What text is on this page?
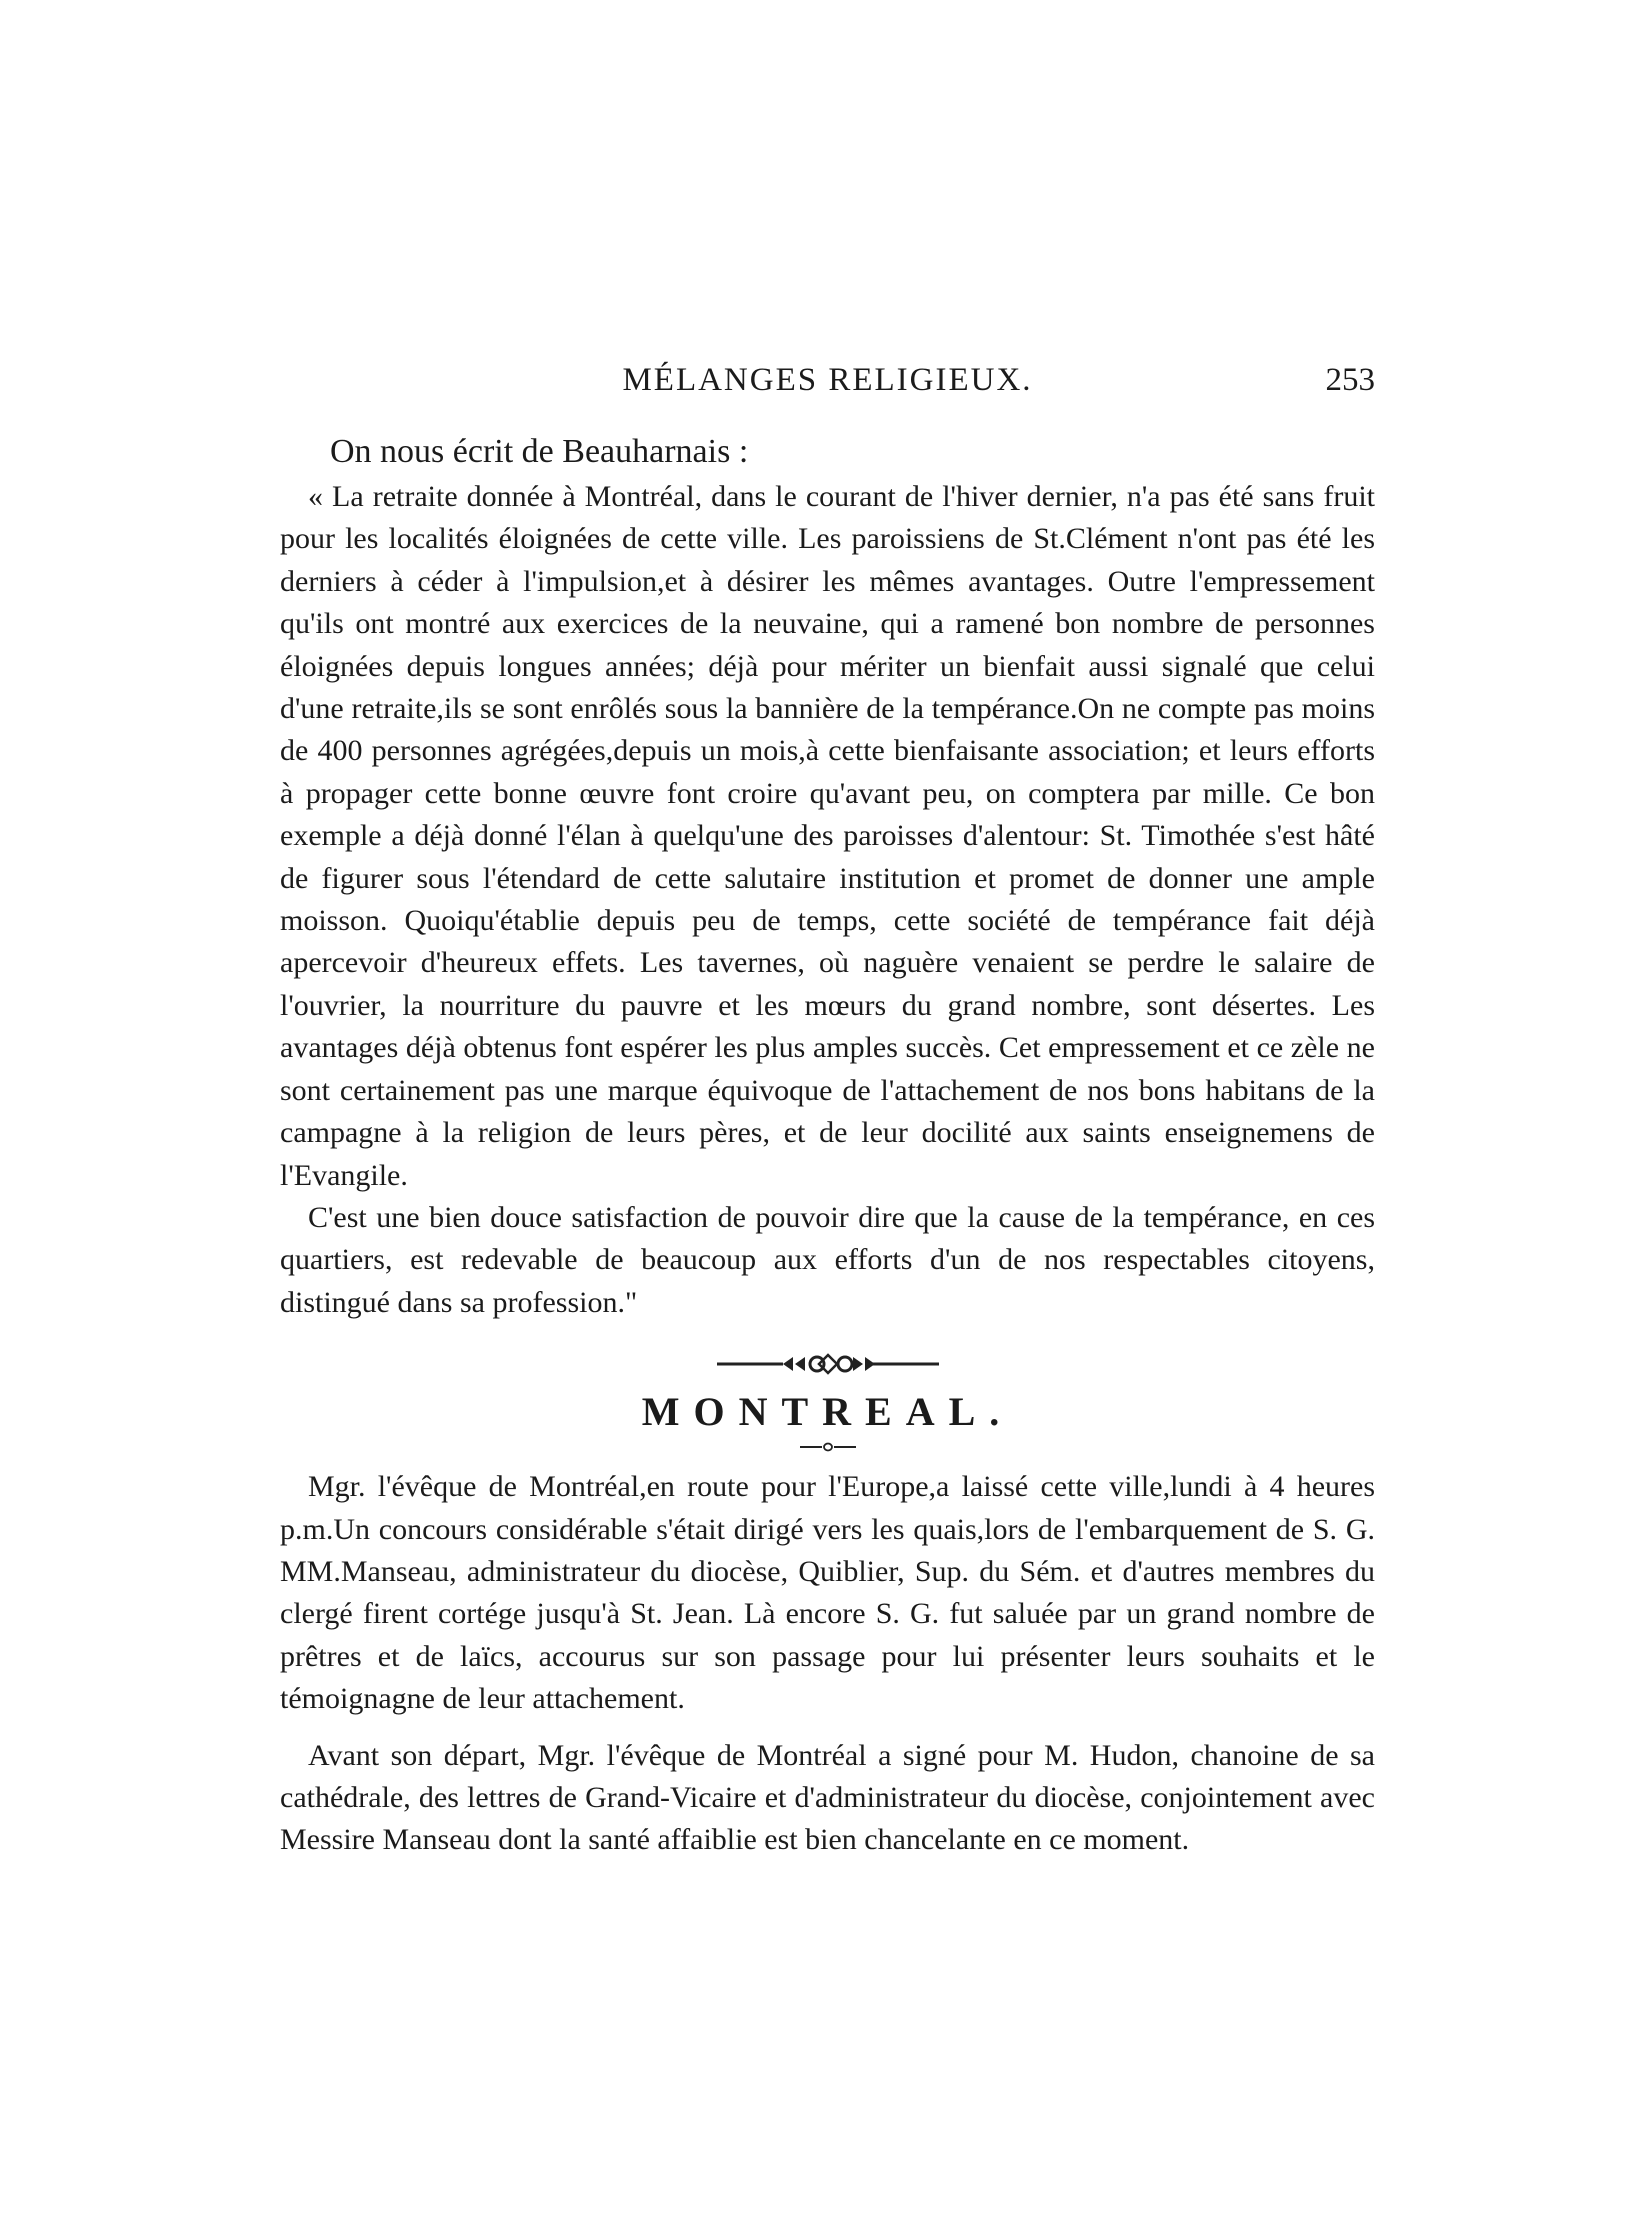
MÉLANGES RELIGIEUX.	253

On nous écrit de Beauharnais :

« La retraite donnée à Montréal, dans le courant de l'hiver dernier, n'a pas été sans fruit pour les localités éloignées de cette ville. Les paroissiens de St.Clément n'ont pas été les derniers à céder à l'impulsion,et à désirer les mêmes avantages. Outre l'empressement qu'ils ont montré aux exercices de la neuvaine, qui a ramené bon nombre de personnes éloignées depuis longues années; déjà pour mériter un bienfait aussi signalé que celui d'une retraite,ils se sont enrôlés sous la bannière de la tempérance.On ne compte pas moins de 400 personnes agrégées,depuis un mois,à cette bienfaisante association; et leurs efforts à propager cette bonne œuvre font croire qu'avant peu, on comptera par mille. Ce bon exemple a déjà donné l'élan à quelqu'une des paroisses d'alentour: St. Timothée s'est hâté de figurer sous l'étendard de cette salutaire institution et promet de donner une ample moisson. Quoiqu'établie depuis peu de temps, cette société de tempérance fait déjà apercevoir d'heureux effets. Les tavernes, où naguère venaient se perdre le salaire de l'ouvrier, la nourriture du pauvre et les mœurs du grand nombre, sont désertes. Les avantages déjà obtenus font espérer les plus amples succès. Cet empressement et ce zèle ne sont certainement pas une marque équivoque de l'attachement de nos bons habitans de la campagne à la religion de leurs pères, et de leur docilité aux saints enseignemens de l'Evangile.

C'est une bien douce satisfaction de pouvoir dire que la cause de la tempérance, en ces quartiers, est redevable de beaucoup aux efforts d'un de nos respectables citoyens, distingué dans sa profession."

MONTREAL.

Mgr. l'évêque de Montréal,en route pour l'Europe,a laissé cette ville,lundi à 4 heures p.m.Un concours considérable s'était dirigé vers les quais,lors de l'embarquement de S. G. MM.Manseau, administrateur du diocèse, Quiblier, Sup. du Sém. et d'autres membres du clergé firent cortége jusqu'à St. Jean. Là encore S. G. fut saluée par un grand nombre de prêtres et de laïcs, accourus sur son passage pour lui présenter leurs souhaits et le témoignagne de leur attachement.

Avant son départ, Mgr. l'évêque de Montréal a signé pour M. Hudon, chanoine de sa cathédrale, des lettres de Grand-Vicaire et d'administrateur du diocèse, conjointement avec Messire Manseau dont la santé affaiblie est bien chancelante en ce moment.
